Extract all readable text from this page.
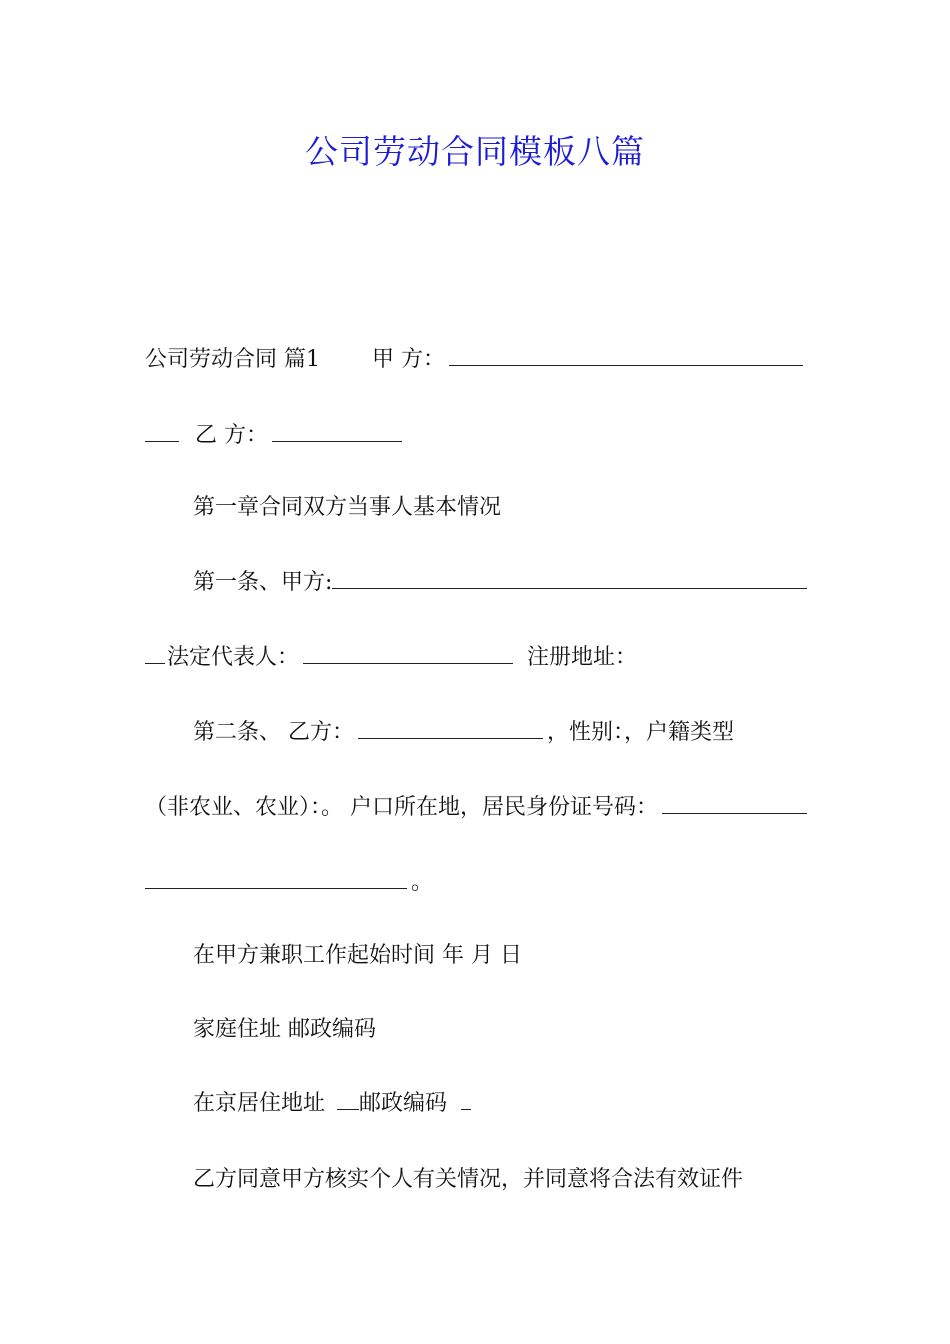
公司劳动合同模板八篇
公司劳动合同 篇1 甲 方：
乙 方：
第一章合同双方当事人基本情况
第一条、甲方:
法定代表人：	注册地址：
第二条、 乙方：	，性别：，户籍类型
（非农业、农业）：。 户口所在地，居民身份证号码：
。
在甲方兼职工作起始时间 年 月 日
家庭住址 邮政编码
在京居住地址 邮政编码
乙方同意甲方核实个人有关情况，并同意将合法有效证件
